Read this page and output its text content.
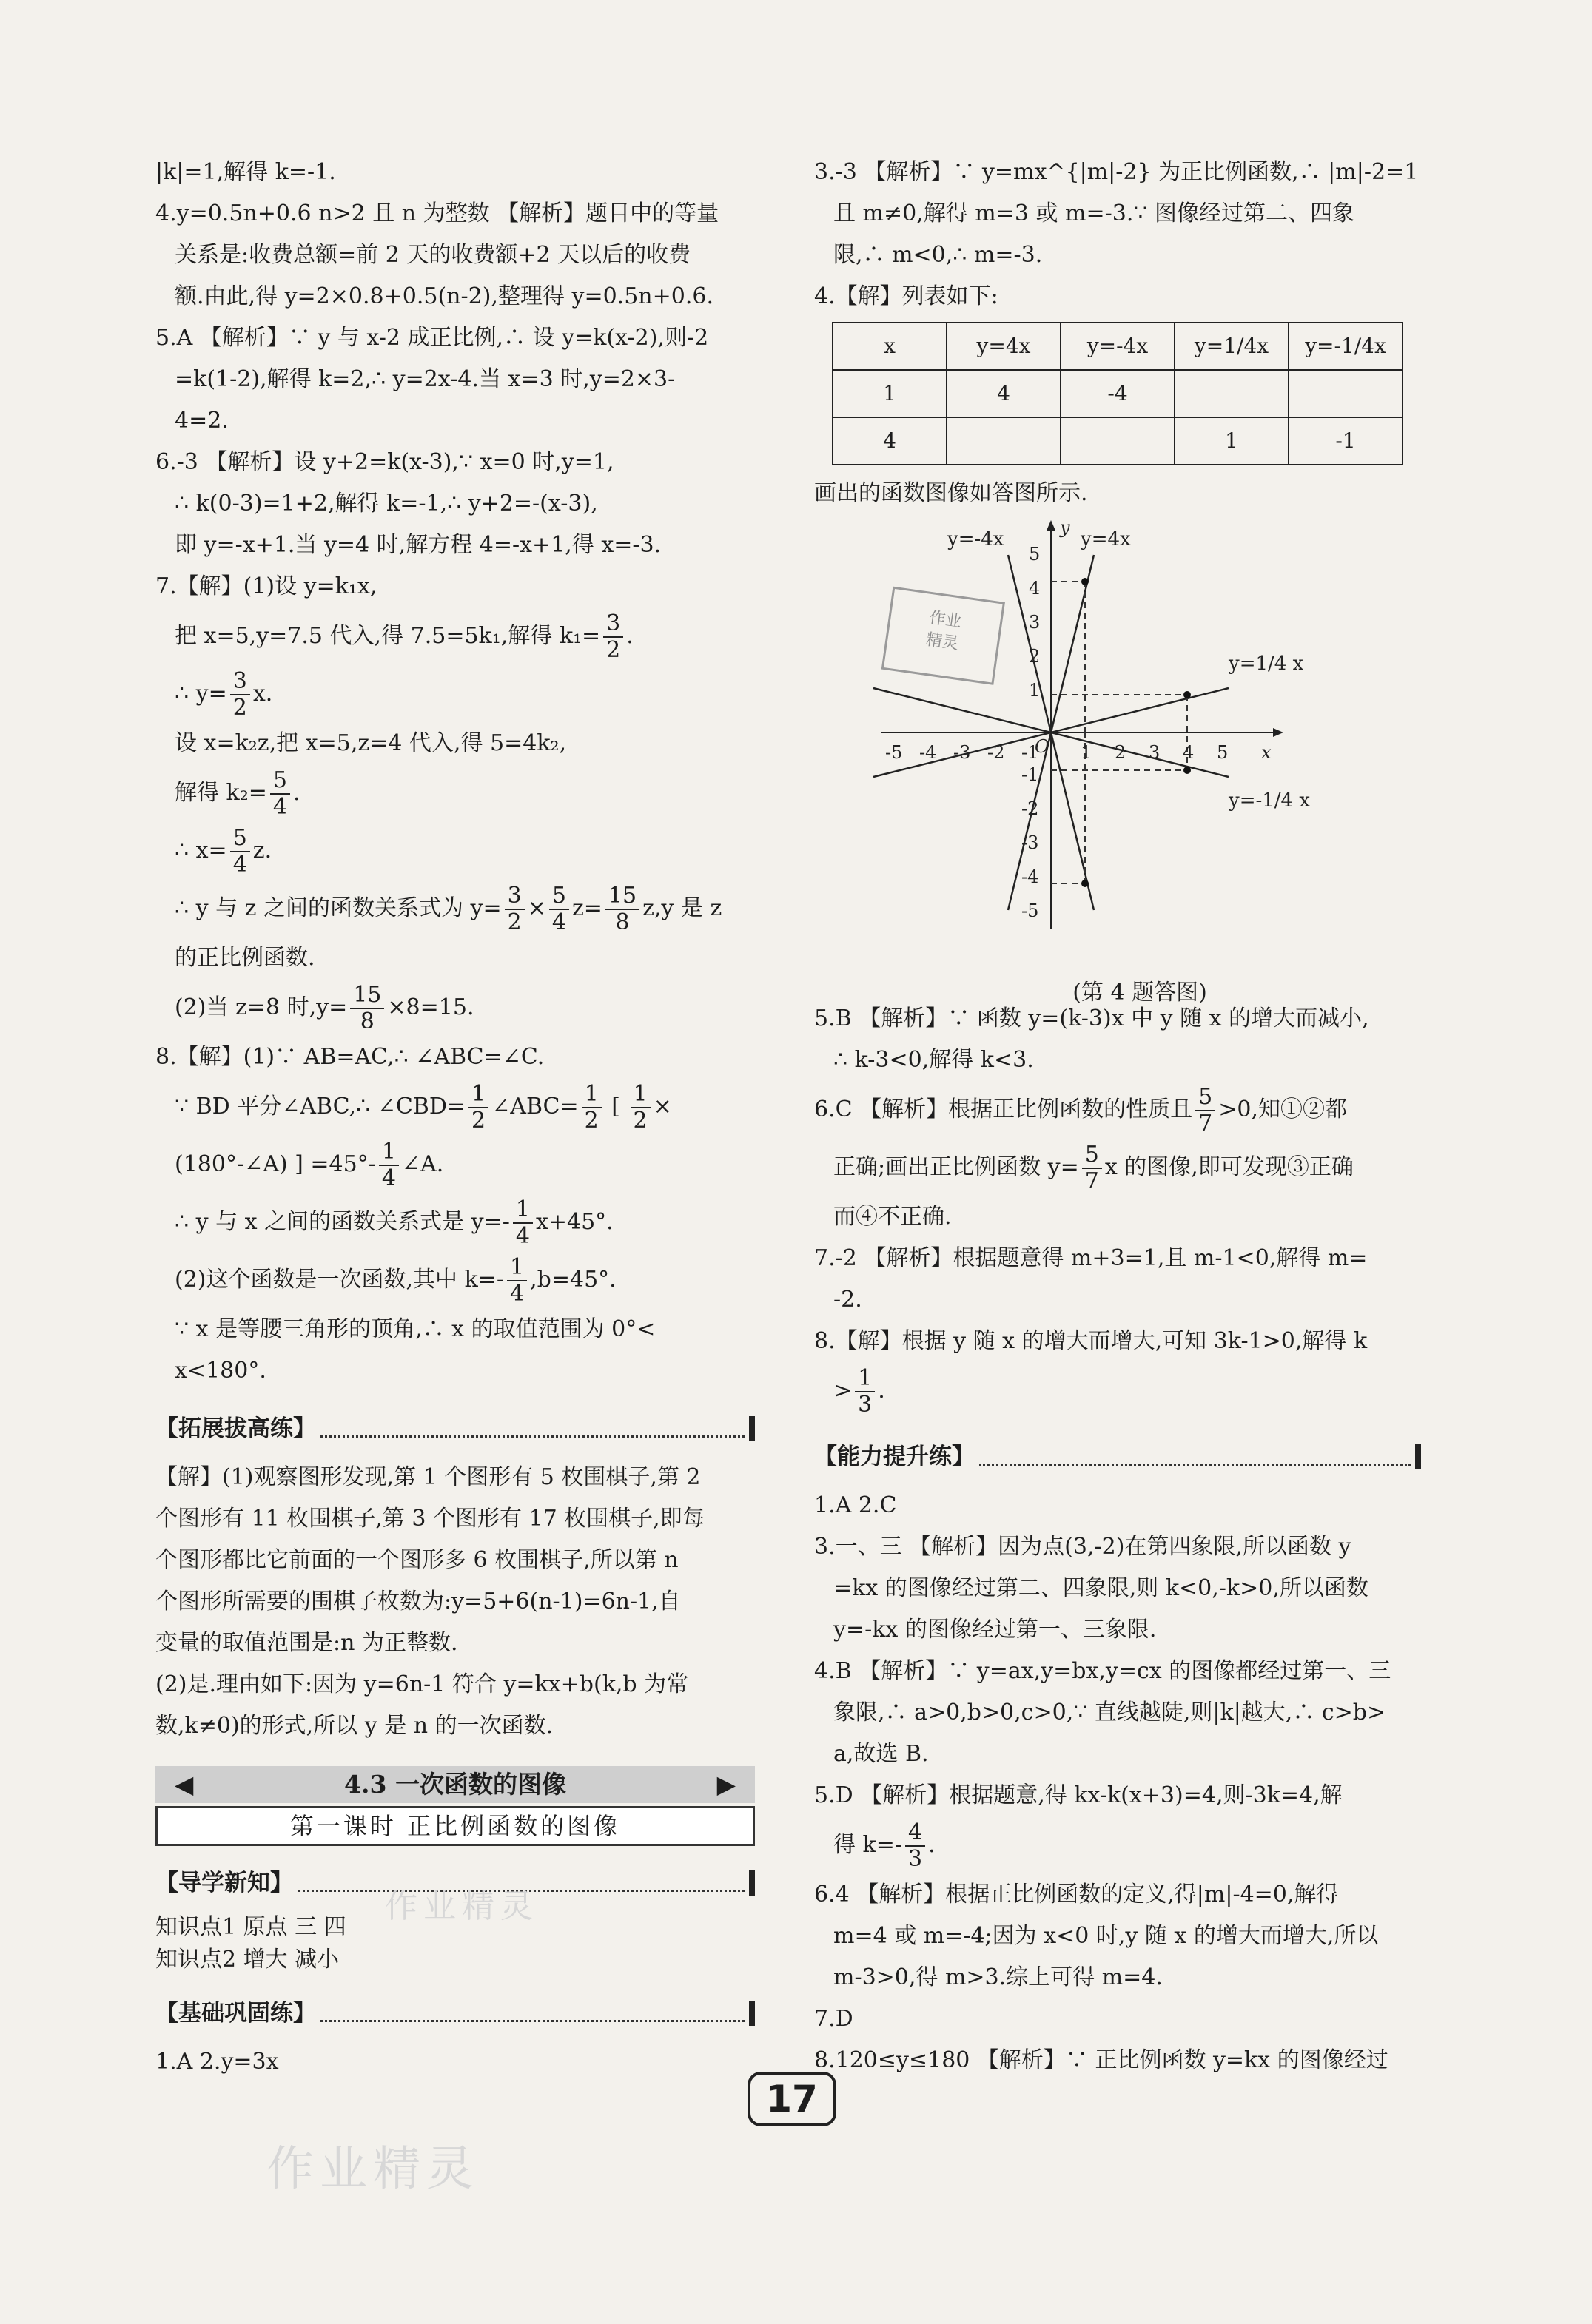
|k|=1,解得 k=-1.

4.y=0.5n+0.6 n>2 且 n 为整数 【解析】题目中的等量

关系是:收费总额=前 2 天的收费额+2 天以后的收费

额.由此,得 y=2×0.8+0.5(n-2),整理得 y=0.5n+0.6.

5.A 【解析】∵ y 与 x-2 成正比例,∴ 设 y=k(x-2),则-2

=k(1-2),解得 k=2,∴ y=2x-4.当 x=3 时,y=2×3-

4=2.

6.-3 【解析】设 y+2=k(x-3),∵ x=0 时,y=1,

∴ k(0-3)=1+2,解得 k=-1,∴ y+2=-(x-3),

即 y=-x+1.当 y=4 时,解方程 4=-x+1,得 x=-3.

7.【解】(1)设 y=k₁x,

把 x=5,y=7.5 代入,得 7.5=5k₁,解得 $k_1= \frac{3}{2}$ .

∴ $y= \frac{3}{2} x$.

设 x=k₂z,把 x=5,z=4 代入,得 5=4k₂,

解得 $k_2= \frac{5}{4}$ .

∴ $x= \frac{5}{4} z$.

∴ y 与 z 之间的函数关系式为 $y= \frac{3}{2} \times \frac{5}{4} z= \frac{15}{8} z,y$ 是 z

的正比例函数.

(2)当 z=8 时$,y= \frac{15}{8} \times 8=15$.

8.【解】(1)∵ AB=AC,∴ ∠ABC=∠C.

∵ BD 平分∠ABC,∴ ∠CBD= $\frac{1}{2}$ ∠ABC= $\frac{1}{2}$ [ $\frac{1}{2}$ ×

(180°-∠A) ] $=45^\circ- \frac{1}{4}$ ∠A.

∴ y 与 x 之间的函数关系式是 $y=- \frac{1}{4} x+45^\circ$.

(2)这个函数是一次函数,其中 $k=- \frac{1}{4} ,b=45^\circ$.

∵ x 是等腰三角形的顶角,∴ x 的取值范围为 0°<

x<180°.

【拓展拔高练】

【解】(1)观察图形发现,第 1 个图形有 5 枚围棋子,第 2

个图形有 11 枚围棋子,第 3 个图形有 17 枚围棋子,即每

个图形都比它前面的一个图形多 6 枚围棋子,所以第 n

个图形所需要的围棋子枚数为:y=5+6(n-1)=6n-1,自

变量的取值范围是:n 为正整数.

(2)是.理由如下:因为 y=6n-1 符合 y=kx+b(k,b 为常

数,k≠0)的形式,所以 y 是 n 的一次函数.

◀	4.3 一次函数的图像	▶
第一课时 正比例函数的图像
【导学新知】

知识点1 原点 三 四

知识点2 增大 减小

【基础巩固练】

1.A 2.y=3x

3.-3 【解析】∵ y=mx^{|m|-2} 为正比例函数,∴ |m|-2=1

且 m≠0,解得 m=3 或 m=-3.∵ 图像经过第二、四象

限,∴ m<0,∴ m=-3.

4.【解】列表如下:

x	y=4x	y=-4x	y=1/4x	y=-1/4x
1	4	-4		
4			1	-1

画出的函数图像如答图所示.

作业
精灵
-5 -4 -3 -2 -1 1 2 3 4 5 x
5
4
3
2
1
-1
-2
-3
-4
-5
y
O
y=-4x	y=4x
y=1/4 x
y=-1/4 x
(第 4 题答图)

5.B 【解析】∵ 函数 y=(k-3)x 中 y 随 x 的增大而减小,

∴ k-3<0,解得 k<3.

6.C 【解析】根据正比例函数的性质且 $\frac{5}{7} >0$,知①②都

正确;画出正比例函数 $y= \frac{5}{7}$ x 的图像,即可发现③正确

而④不正确.

7.-2 【解析】根据题意得 m+3=1,且 m-1<0,解得 m=

-2.

8.【解】根据 y 随 x 的增大而增大,可知 3k-1>0,解得 k

> $\frac{1}{3}$ .

【能力提升练】

1.A 2.C

3.一、三 【解析】因为点(3,-2)在第四象限,所以函数 y

=kx 的图像经过第二、四象限,则 k<0,-k>0,所以函数

y=-kx 的图像经过第一、三象限.

4.B 【解析】∵ y=ax,y=bx,y=cx 的图像都经过第一、三

象限,∴ a>0,b>0,c>0,∵ 直线越陡,则|k|越大,∴ c>b>

a,故选 B.

5.D 【解析】根据题意,得 kx-k(x+3)=4,则-3k=4,解

得 $k=- \frac{4}{3}$ .

6.4 【解析】根据正比例函数的定义,得|m|-4=0,解得

m=4 或 m=-4;因为 x<0 时,y 随 x 的增大而增大,所以

m-3>0,得 m>3.综上可得 m=4.

7.D

8.120≤y≤180 【解析】∵ 正比例函数 y=kx 的图像经过

17
作业精灵
作业精灵
